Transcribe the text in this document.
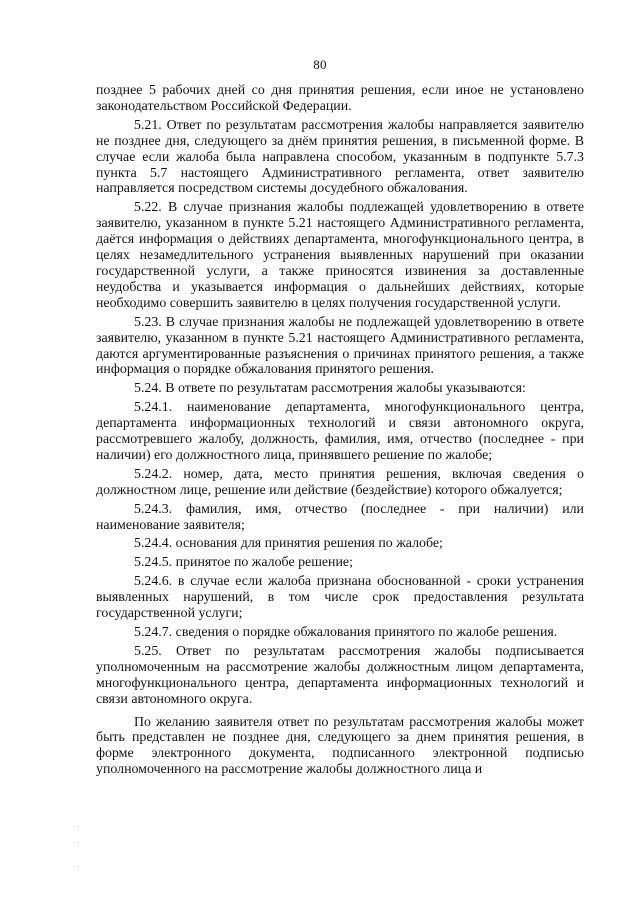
80

позднее 5 рабочих дней со дня принятия решения, если иное не установлено законодательством Российской Федерации.

5.21. Ответ по результатам рассмотрения жалобы направляется заявителю не позднее дня, следующего за днём принятия решения, в письменной форме. В случае если жалоба была направлена способом, указанным в подпункте 5.7.3 пункта 5.7 настоящего Административного регламента, ответ заявителю направляется посредством системы досудебного обжалования.

5.22. В случае признания жалобы подлежащей удовлетворению в ответе заявителю, указанном в пункте 5.21 настоящего Административного регламента, даётся информация о действиях департамента, многофункционального центра, в целях незамедлительного устранения выявленных нарушений при оказании государственной услуги, а также приносятся извинения за доставленные неудобства и указывается информация о дальнейших действиях, которые необходимо совершить заявителю в целях получения государственной услуги.

5.23. В случае признания жалобы не подлежащей удовлетворению в ответе заявителю, указанном в пункте 5.21 настоящего Административного регламента, даются аргументированные разъяснения о причинах принятого решения, а также информация о порядке обжалования принятого решения.

5.24. В ответе по результатам рассмотрения жалобы указываются:

5.24.1. наименование департамента, многофункционального центра, департамента информационных технологий и связи автономного округа, рассмотревшего жалобу, должность, фамилия, имя, отчество (последнее - при наличии) его должностного лица, принявшего решение по жалобе;

5.24.2. номер, дата, место принятия решения, включая сведения о должностном лице, решение или действие (бездействие) которого обжалуется;

5.24.3. фамилия, имя, отчество (последнее - при наличии) или наименование заявителя;

5.24.4. основания для принятия решения по жалобе;

5.24.5. принятое по жалобе решение;

5.24.6. в случае если жалоба признана обоснованной - сроки устранения выявленных нарушений, в том числе срок предоставления результата государственной услуги;

5.24.7. сведения о порядке обжалования принятого по жалобе решения.

5.25. Ответ по результатам рассмотрения жалобы подписывается уполномоченным на рассмотрение жалобы должностным лицом департамента, многофункционального центра, департамента информационных технологий и связи автономного округа.

По желанию заявителя ответ по результатам рассмотрения жалобы может быть представлен не позднее дня, следующего за днем принятия решения, в форме электронного документа, подписанного электронной подписью уполномоченного на рассмотрение жалобы должностного лица и
